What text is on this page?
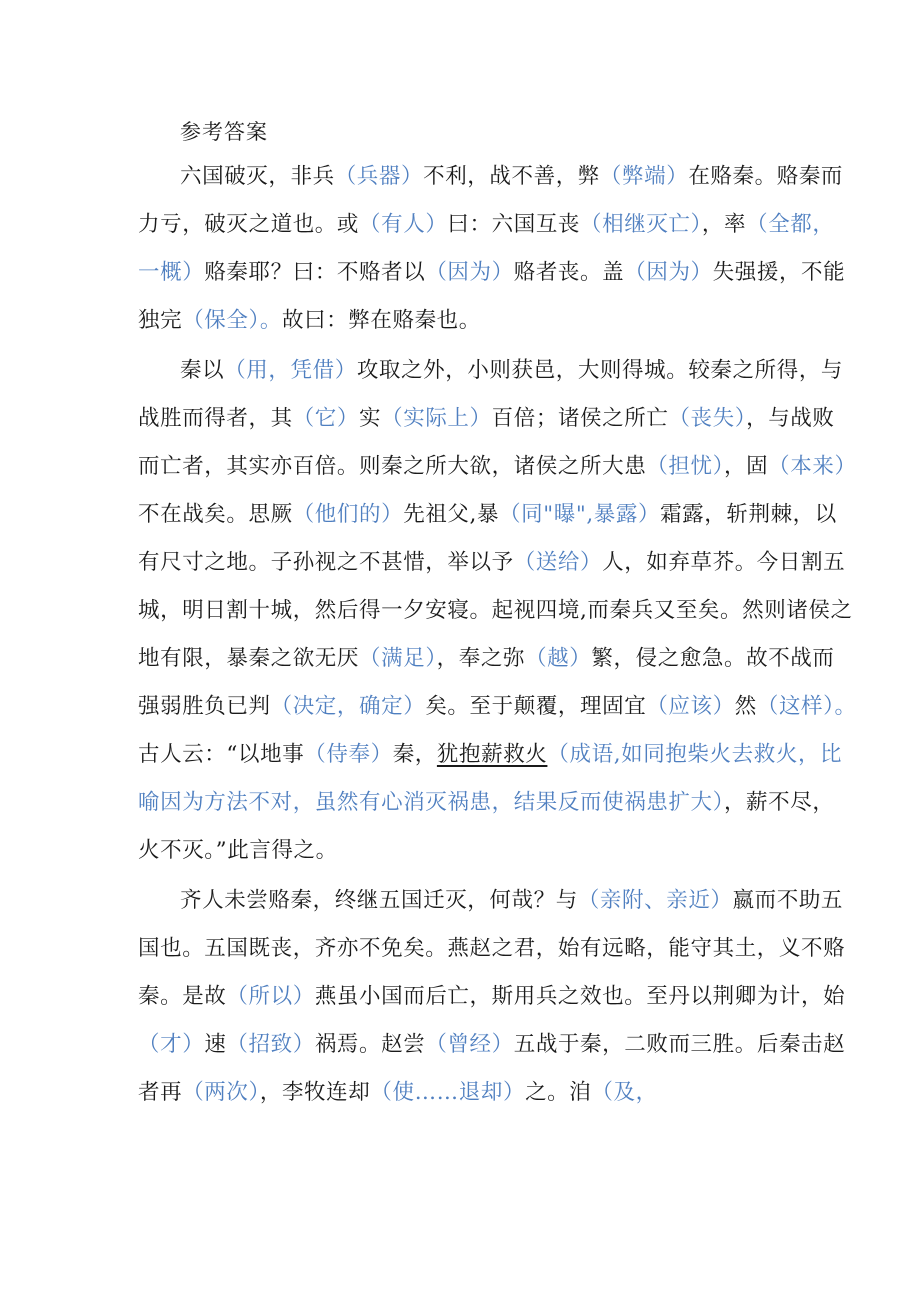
参考答案
六国破灭，非兵（兵器）不利，战不善，弊（弊端）在赂秦。赂秦而
力亏，破灭之道也。或（有人）曰：六国互丧（相继灭亡），率（全都，
一概）赂秦耶？曰：不赂者以（因为）赂者丧。盖（因为）失强援，不能
独完（保全）。故曰：弊在赂秦也。
秦以（用，凭借）攻取之外，小则获邑，大则得城。较秦之所得，与
战胜而得者，其（它）实（实际上）百倍；诸侯之所亡（丧失），与战败
而亡者，其实亦百倍。则秦之所大欲，诸侯之所大患（担忧），固（本来）
不在战矣。思厥（他们的）先祖父,暴（同"曝",暴露）霜露，斩荆棘，以
有尺寸之地。子孙视之不甚惜，举以予（送给）人，如弃草芥。今日割五
城，明日割十城，然后得一夕安寝。起视四境,而秦兵又至矣。然则诸侯之
地有限，暴秦之欲无厌（满足），奉之弥（越）繁，侵之愈急。故不战而
强弱胜负已判（决定，确定）矣。至于颠覆，理固宜（应该）然（这样）。
古人云：“以地事（侍奉）秦，犹抱薪救火（成语,如同抱柴火去救火，比
喻因为方法不对，虽然有心消灭祸患，结果反而使祸患扩大），薪不尽，
火不灭。”此言得之。
齐人未尝赂秦，终继五国迁灭，何哉？与（亲附、亲近）嬴而不助五
国也。五国既丧，齐亦不免矣。燕赵之君，始有远略，能守其土，义不赂
秦。是故（所以）燕虽小国而后亡，斯用兵之效也。至丹以荆卿为计，始
（才）速（招致）祸焉。赵尝（曾经）五战于秦，二败而三胜。后秦击赵
者再（两次），李牧连却（使……退却）之。洎（及，
